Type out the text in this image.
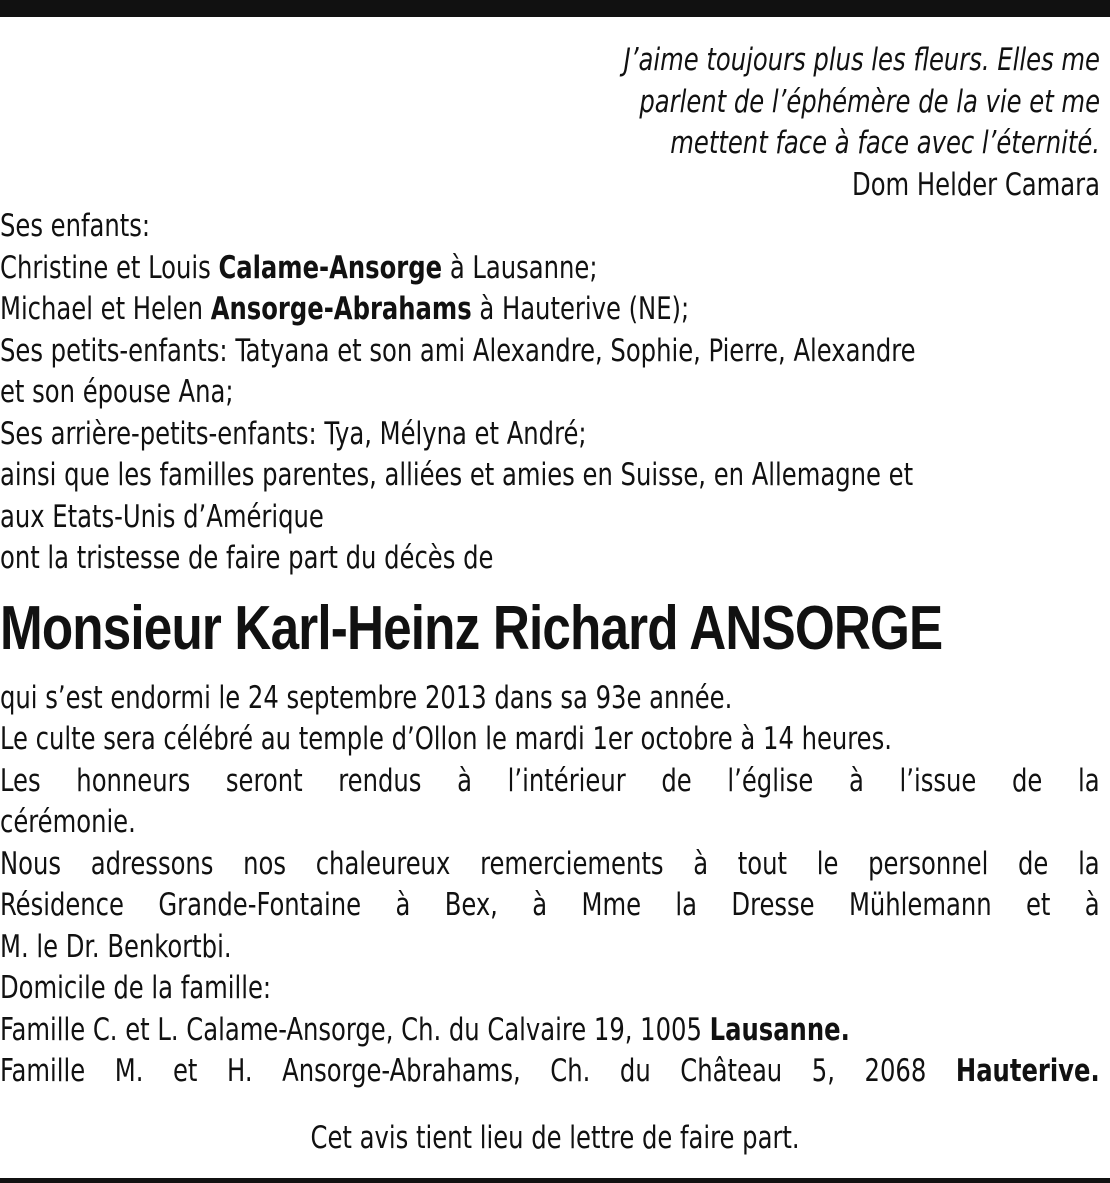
J’aime toujours plus les fleurs. Elles me
parlent de l’éphémère de la vie et me
mettent face à face avec l’éternité.
Dom Helder Camara
Ses enfants:
Christine et Louis Calame-Ansorge à Lausanne;
Michael et Helen Ansorge-Abrahams à Hauterive (NE);
Ses petits-enfants: Tatyana et son ami Alexandre, Sophie, Pierre, Alexandre
et son épouse Ana;
Ses arrière-petits-enfants: Tya, Mélyna et André;
ainsi que les familles parentes, alliées et amies en Suisse, en Allemagne et
aux Etats-Unis d’Amérique
ont la tristesse de faire part du décès de
Monsieur Karl-Heinz Richard ANSORGE
qui s’est endormi le 24 septembre 2013 dans sa 93e année.
Le culte sera célébré au temple d’Ollon le mardi 1er octobre à 14 heures.
Les honneurs seront rendus à l’intérieur de l’église à l’issue de la
cérémonie.
Nous adressons nos chaleureux remerciements à tout le personnel de la
Résidence Grande-Fontaine à Bex, à Mme la Dresse Mühlemann et à
M. le Dr. Benkortbi.
Domicile de la famille:
Famille C. et L. Calame-Ansorge, Ch. du Calvaire 19, 1005 Lausanne.
Famille M. et H. Ansorge-Abrahams, Ch. du Château 5, 2068 Hauterive.
Cet avis tient lieu de lettre de faire part.
